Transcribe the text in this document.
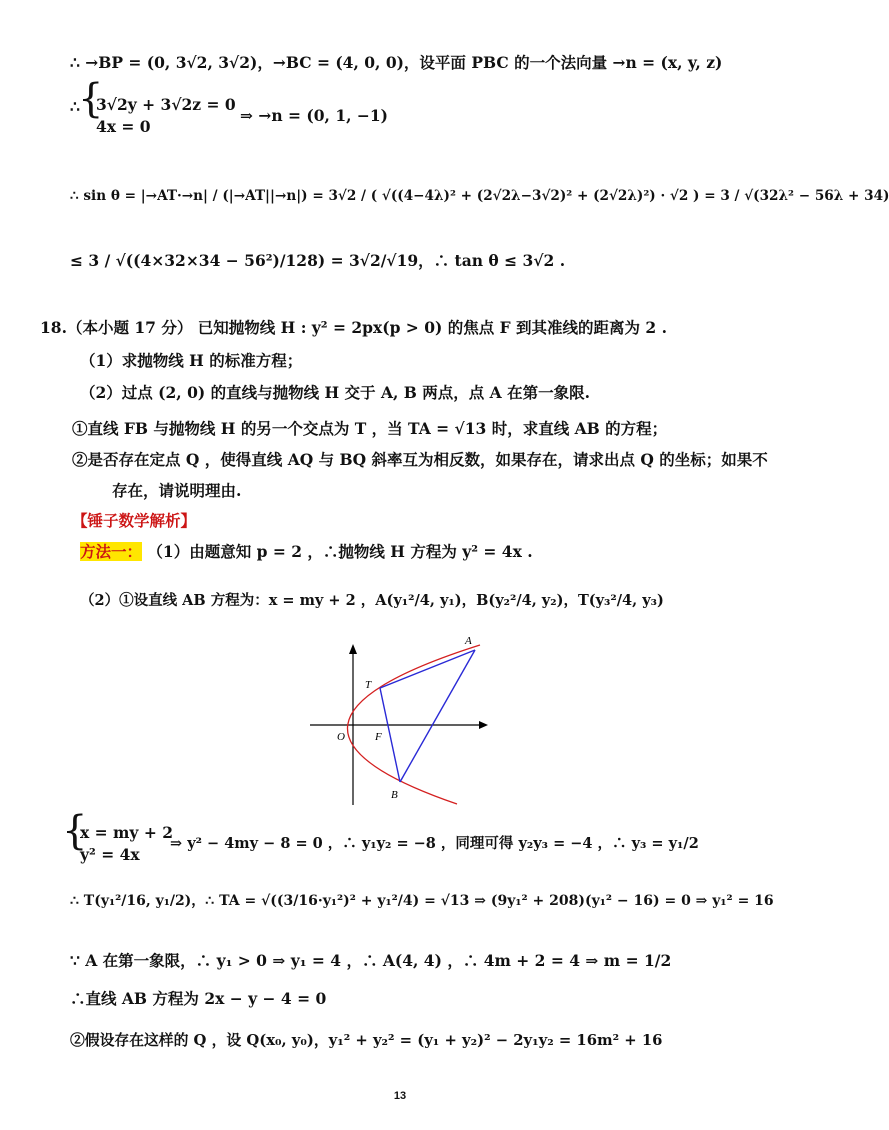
∴ →BP = (0, 3√2, 3√2)，→BC = (4, 0, 0)，设平面 PBC 的一个法向量 →n = (x, y, z)
{
∴ 3√2y + 3√2z = 0
4x = 0
⇒ →n = (0, 1, −1)
∴ sin θ = |→AT·→n| / (|→AT||→n|) = 3√2 / ( √((4−4λ)² + (2√2λ−3√2)² + (2√2λ)²) · √2 ) = 3 / √(32λ² − 56λ + 34)
≤ 3 / √((4×32×34 − 56²)/128) = 3√2/√19，∴ tan θ ≤ 3√2 .
18.（本小题 17 分） 已知抛物线 H : y² = 2px(p > 0) 的焦点 F 到其准线的距离为 2 .
（1）求抛物线 H 的标准方程；
（2）过点 (2, 0) 的直线与抛物线 H 交于 A, B 两点，点 A 在第一象限.
①直线 FB 与抛物线 H 的另一个交点为 T ，当 TA = √13 时，求直线 AB 的方程；
②是否存在定点 Q ，使得直线 AQ 与 BQ 斜率互为相反数，如果存在，请求出点 Q 的坐标；如果不
存在，请说明理由.
【锤子数学解析】
方法一： （1）由题意知 p = 2 ，∴抛物线 H 方程为 y² = 4x .
（2）①设直线 AB 方程为：x = my + 2 ，A(y₁²/4, y₁)，B(y₂²/4, y₂)，T(y₃²/4, y₃)
A
T
O	F
B
{
x = my + 2
y² = 4x
⇒ y² − 4my − 8 = 0 ，∴ y₁y₂ = −8 ，同理可得 y₂y₃ = −4 ，∴ y₃ = y₁/2
∴ T(y₁²/16, y₁/2)，∴ TA = √((3/16·y₁²)² + y₁²/4) = √13 ⇒ (9y₁² + 208)(y₁² − 16) = 0 ⇒ y₁² = 16
∵ A 在第一象限，∴ y₁ > 0 ⇒ y₁ = 4 ，∴ A(4, 4) ，∴ 4m + 2 = 4 ⇒ m = 1/2
∴直线 AB 方程为 2x − y − 4 = 0
②假设存在这样的 Q ，设 Q(x₀, y₀)，y₁² + y₂² = (y₁ + y₂)² − 2y₁y₂ = 16m² + 16
13
